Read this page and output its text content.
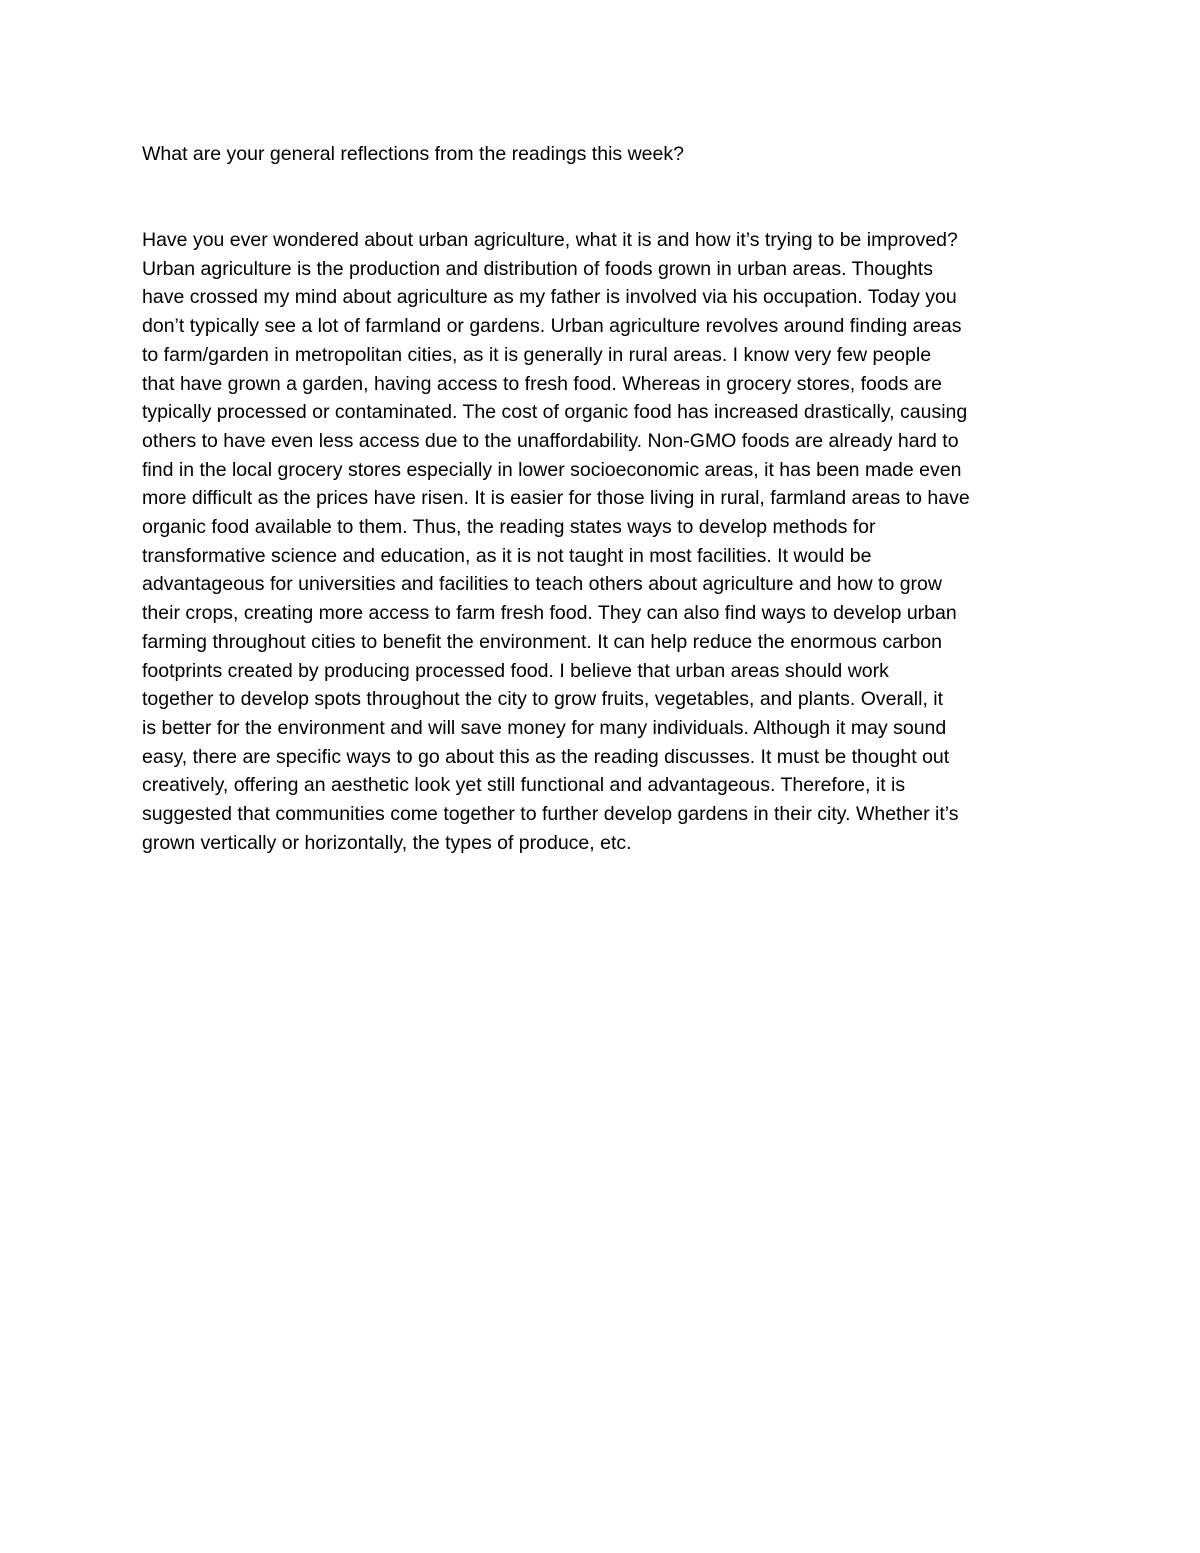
What are your general reflections from the readings this week?

Have you ever wondered about urban agriculture, what it is and how it’s trying to be improved?
Urban agriculture is the production and distribution of foods grown in urban areas. Thoughts
have crossed my mind about agriculture as my father is involved via his occupation. Today you
don’t typically see a lot of farmland or gardens. Urban agriculture revolves around finding areas
to farm/garden in metropolitan cities, as it is generally in rural areas. I know very few people
that have grown a garden, having access to fresh food. Whereas in grocery stores, foods are
typically processed or contaminated. The cost of organic food has increased drastically, causing
others to have even less access due to the unaffordability. Non-GMO foods are already hard to
find in the local grocery stores especially in lower socioeconomic areas, it has been made even
more difficult as the prices have risen. It is easier for those living in rural, farmland areas to have
organic food available to them. Thus, the reading states ways to develop methods for
transformative science and education, as it is not taught in most facilities. It would be
advantageous for universities and facilities to teach others about agriculture and how to grow
their crops, creating more access to farm fresh food. They can also find ways to develop urban
farming throughout cities to benefit the environment. It can help reduce the enormous carbon
footprints created by producing processed food. I believe that urban areas should work
together to develop spots throughout the city to grow fruits, vegetables, and plants. Overall, it
is better for the environment and will save money for many individuals. Although it may sound
easy, there are specific ways to go about this as the reading discusses. It must be thought out
creatively, offering an aesthetic look yet still functional and advantageous. Therefore, it is
suggested that communities come together to further develop gardens in their city. Whether it’s
grown vertically or horizontally, the types of produce, etc.
